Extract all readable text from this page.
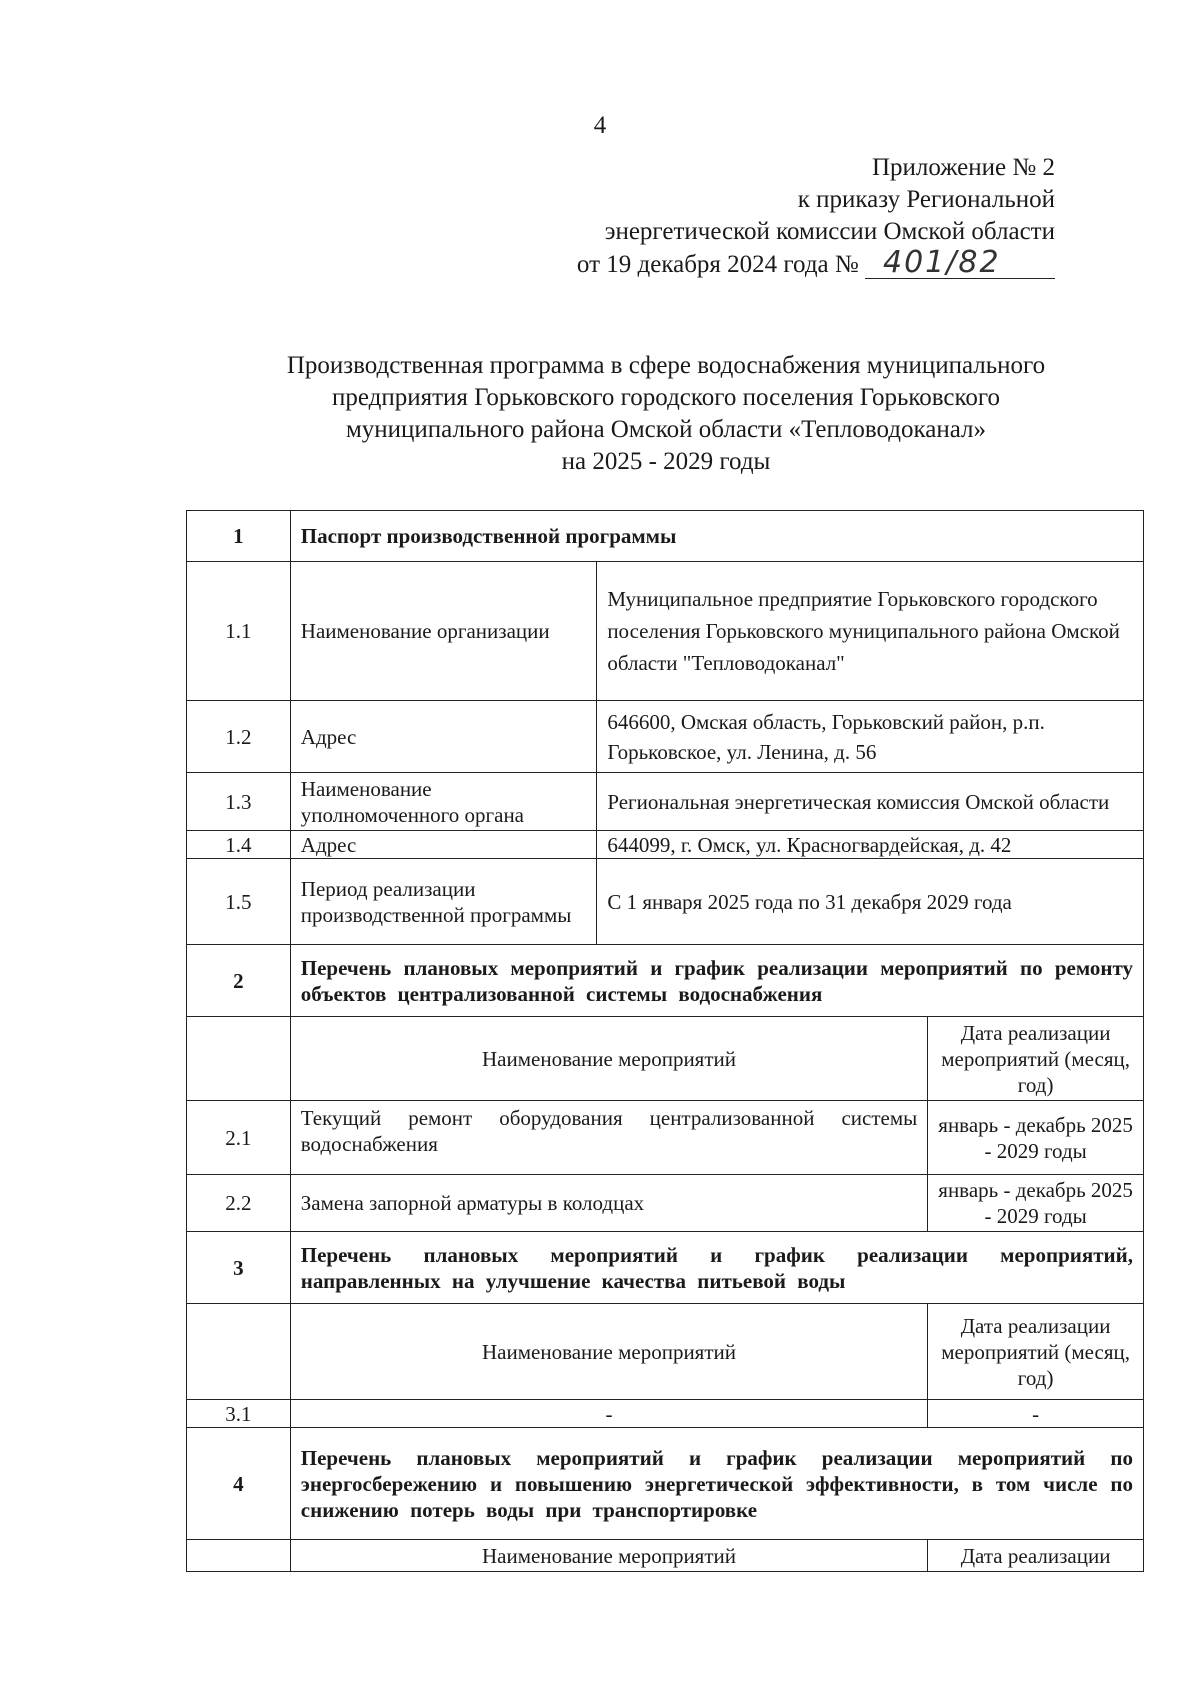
4
Приложение № 2
к приказу Региональной
энергетической комиссии Омской области
от 19 декабря 2024 года № 401/82
Производственная программа в сфере водоснабжения муниципального
предприятия Горьковского городского поселения Горьковского
муниципального района Омской области «Тепловодоканал»
на 2025 - 2029 годы
1	Паспорт производственной программы		
1.1	Наименование организации	Муниципальное предприятие Горьковского городского поселения Горьковского муниципального района Омской области "Тепловодоканал"	
1.2	Адрес	646600, Омская область, Горьковский район, р.п. Горьковское, ул. Ленина, д. 56	
1.3	Наименование уполномоченного органа	Региональная энергетическая комиссия Омской области	
1.4	Адрес	644099, г. Омск, ул. Красногвардейская, д. 42	
1.5	Период реализации производственной программы	С 1 января 2025 года по 31 декабря 2029 года	
2	Перечень плановых мероприятий и график реализации мероприятий по ремонту объектов централизованной системы водоснабжения		
	Наименование мероприятий		Дата реализации мероприятий (месяц, год)
2.1	Текущий ремонт оборудования централизованной системы водоснабжения		январь - декабрь 2025 - 2029 годы
2.2	Замена запорной арматуры в колодцах		январь - декабрь 2025 - 2029 годы
3	Перечень плановых мероприятий и график реализации мероприятий, направленных на улучшение качества питьевой воды		
	Наименование мероприятий		Дата реализации мероприятий (месяц, год)
3.1	-		-
4	Перечень плановых мероприятий и график реализации мероприятий по энергосбережению и повышению энергетической эффективности, в том числе по снижению потерь воды при транспортировке		
	Наименование мероприятий		Дата реализации
